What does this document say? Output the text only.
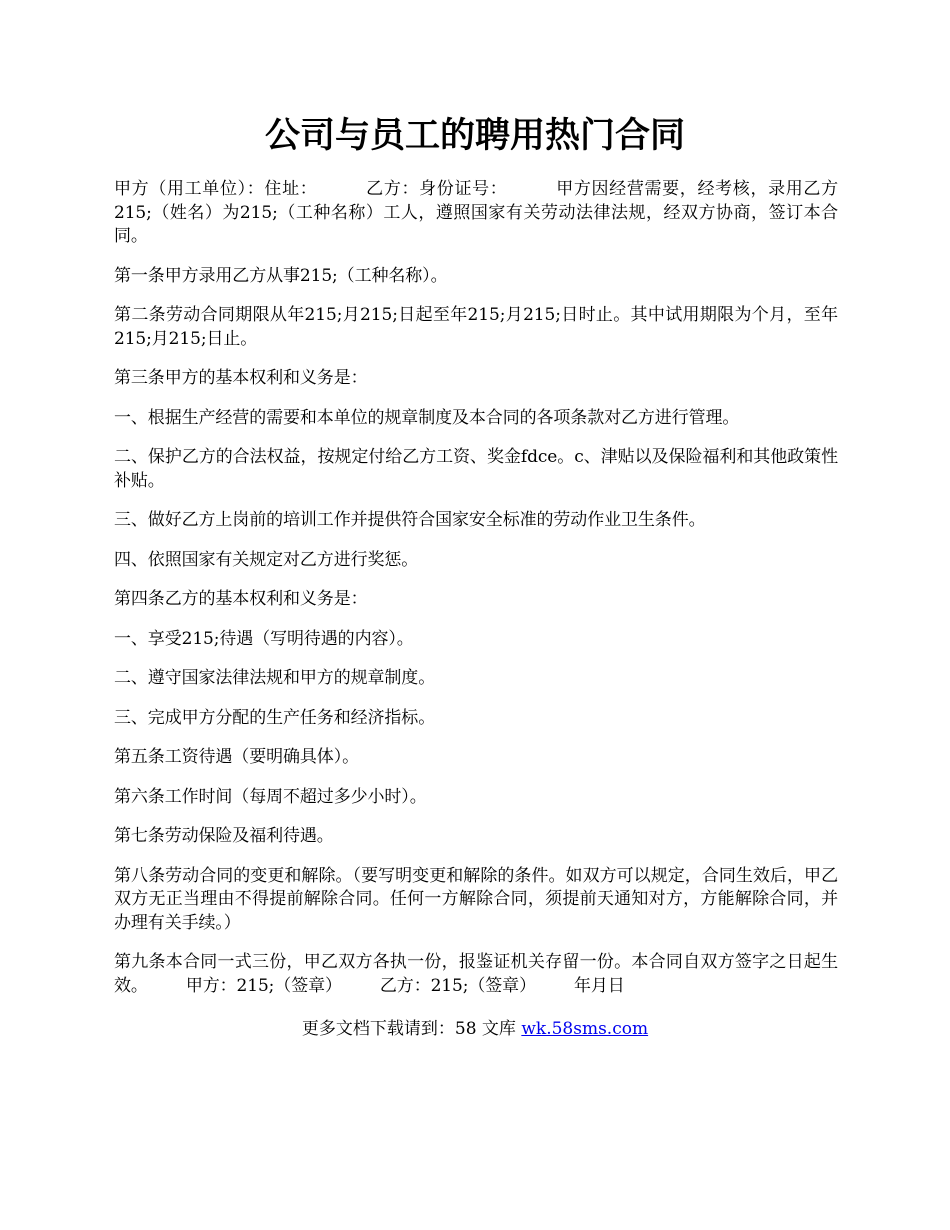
公司与员工的聘用热门合同

甲方（用工单位）：住址：	乙方：身份证号：	甲方因经营需要，经考核，录用乙方215;（姓名）为215;（工种名称）工人，遵照国家有关劳动法律法规，经双方协商，签订本合同。

第一条甲方录用乙方从事215;（工种名称）。

第二条劳动合同期限从年215;月215;日起至年215;月215;日时止。其中试用期限为个月，至年215;月215;日止。

第三条甲方的基本权利和义务是：

一、根据生产经营的需要和本单位的规章制度及本合同的各项条款对乙方进行管理。

二、保护乙方的合法权益，按规定付给乙方工资、奖金fdce。c、津贴以及保险福利和其他政策性补贴。

三、做好乙方上岗前的培训工作并提供符合国家安全标准的劳动作业卫生条件。

四、依照国家有关规定对乙方进行奖惩。

第四条乙方的基本权利和义务是：

一、享受215;待遇（写明待遇的内容）。

二、遵守国家法律法规和甲方的规章制度。

三、完成甲方分配的生产任务和经济指标。

第五条工资待遇（要明确具体）。

第六条工作时间（每周不超过多少小时）。

第七条劳动保险及福利待遇。

第八条劳动合同的变更和解除。（要写明变更和解除的条件。如双方可以规定，合同生效后，甲乙双方无正当理由不得提前解除合同。任何一方解除合同，须提前天通知对方，方能解除合同，并办理有关手续。）

第九条本合同一式三份，甲乙双方各执一份，报鉴证机关存留一份。本合同自双方签字之日起生效。 甲方：215;（签章） 乙方：215;（签章） 年月日

更多文档下载请到：58 文库 wk.58sms.com
